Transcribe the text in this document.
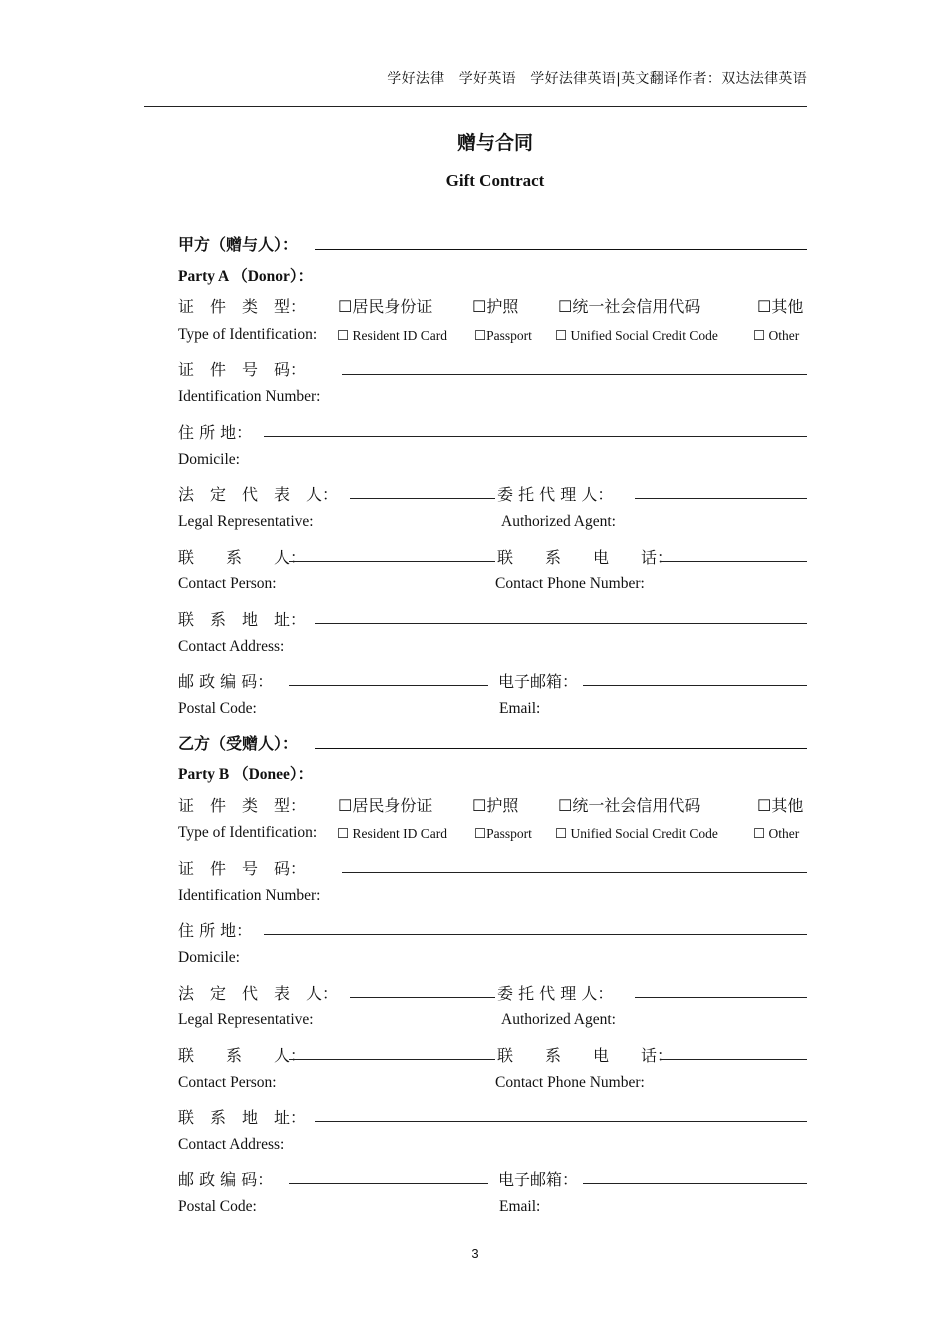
学好法律　学好英语　学好法律英语|英文翻译作者：双达法律英语
赠与合同
Gift Contract
甲方（赠与人）：
Party A （Donor）：
证　件　类　型： ☐居民身份证 ☐护照 ☐统一社会信用代码	☐其他
Type of Identification: ☐ Resident ID Card ☐Passport ☐ Unified Social Credit Code	☐ Other
证　件　号　码：
Identification Number:
住 所 地：
Domicile:
法　定　代　表　人：	委 托 代 理 人：
Legal Representative:	Authorized Agent:
联　　系　　人：	联　　系　　电　　话：
Contact Person:	Contact Phone Number:
联　系　地　址：
Contact Address:
邮 政 编 码：	电子邮箱：
Postal Code:	Email:
乙方（受赠人）：
Party B （Donee）：
证　件　类　型： ☐居民身份证 ☐护照 ☐统一社会信用代码	☐其他
Type of Identification: ☐ Resident ID Card ☐Passport ☐ Unified Social Credit Code	☐ Other
证　件　号　码：
Identification Number:
住 所 地：
Domicile:
法　定　代　表　人：	委 托 代 理 人：
Legal Representative:	Authorized Agent:
联　　系　　人：	联　　系　　电　　话：
Contact Person:	Contact Phone Number:
联　系　地　址：
Contact Address:
邮 政 编 码：	电子邮箱：
Postal Code:	Email:
3
